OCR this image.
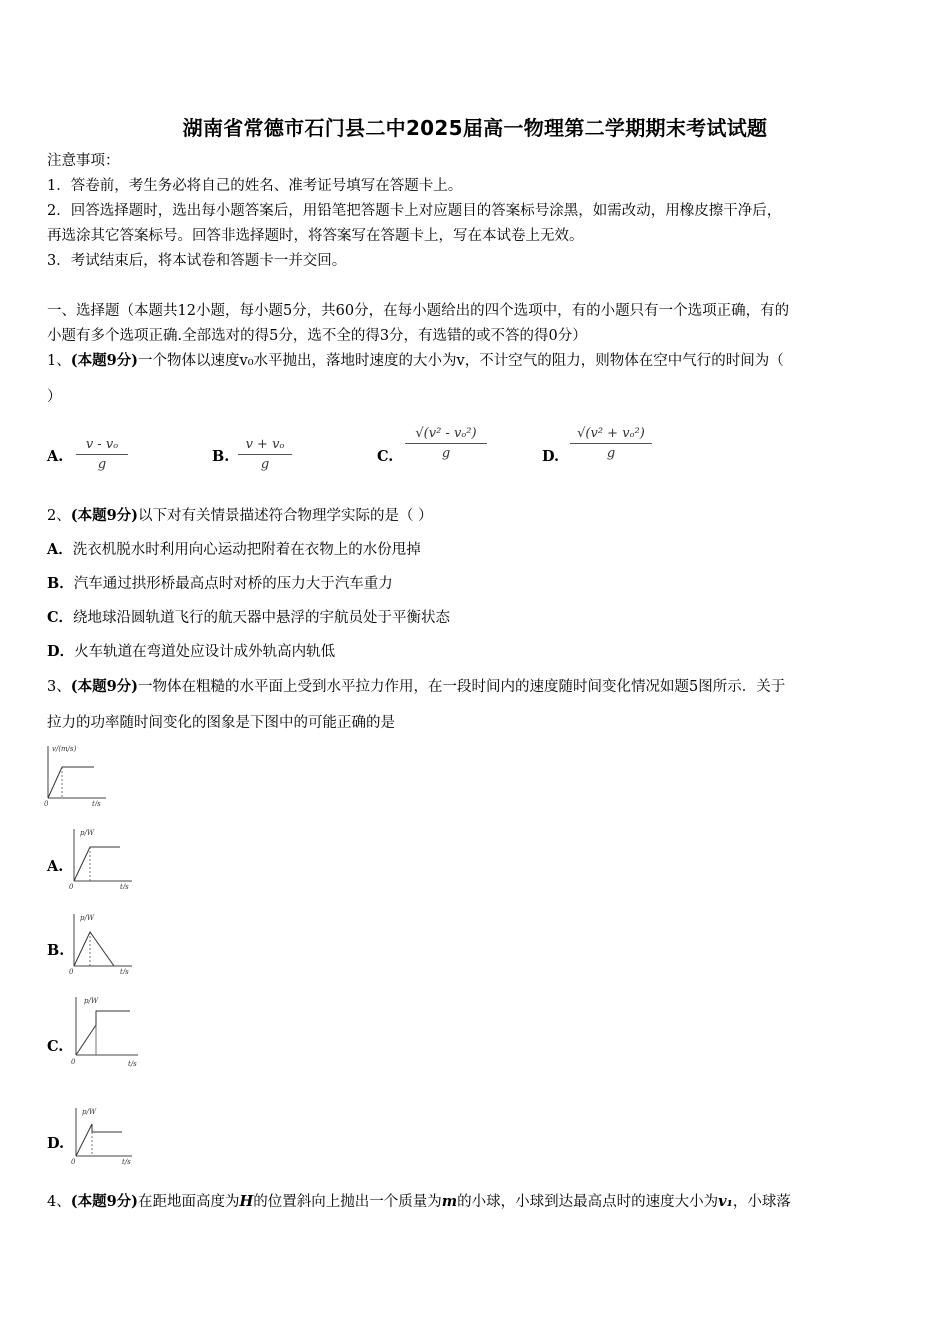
湖南省常德市石门县二中2025届高一物理第二学期期末考试试题
注意事项：
1．答卷前，考生务必将自己的姓名、准考证号填写在答题卡上。
2．回答选择题时，选出每小题答案后，用铅笔把答题卡上对应题目的答案标号涂黑，如需改动，用橡皮擦干净后，
再选涂其它答案标号。回答非选择题时，将答案写在答题卡上，写在本试卷上无效。
3．考试结束后，将本试卷和答题卡一并交回。
一、选择题（本题共12小题，每小题5分，共60分，在每小题给出的四个选项中，有的小题只有一个选项正确，有的
小题有多个选项正确.全部选对的得5分，选不全的得3分，有选错的或不答的得0分）
1、(本题9分)一个物体以速度v₀水平抛出，落地时速度的大小为v，不计空气的阻力，则物体在空中气行的时间为（
）
A. $\frac{\text{v - vₒ}}{g}$	B. $\frac{\text{v + vₒ}}{g}$	C. $\frac{\text{√(v² - vₒ²)}}{g}$	D. $\frac{\text{√(v² + vₒ²)}}{g}$
2、(本题9分)以下对有关情景描述符合物理学实际的是（ ）
A．洗衣机脱水时利用向心运动把附着在衣物上的水份甩掉
B．汽车通过拱形桥最高点时对桥的压力大于汽车重力
C．绕地球沿圆轨道飞行的航天器中悬浮的宇航员处于平衡状态
D．火车轨道在弯道处应设计成外轨高内轨低
3、(本题9分)一物体在粗糙的水平面上受到水平拉力作用，在一段时间内的速度随时间变化情况如题5图所示．关于
拉力的功率随时间变化的图象是下图中的可能正确的是
v/(m/s)
t/s
0
A.
p/W
t/s
0
B.
p/W
t/s
0
C.
p/W
t/s
0
D.
p/W
t/s
0
4、(本题9分)在距地面高度为H的位置斜向上抛出一个质量为m的小球，小球到达最高点时的速度大小为v₁，小球落
